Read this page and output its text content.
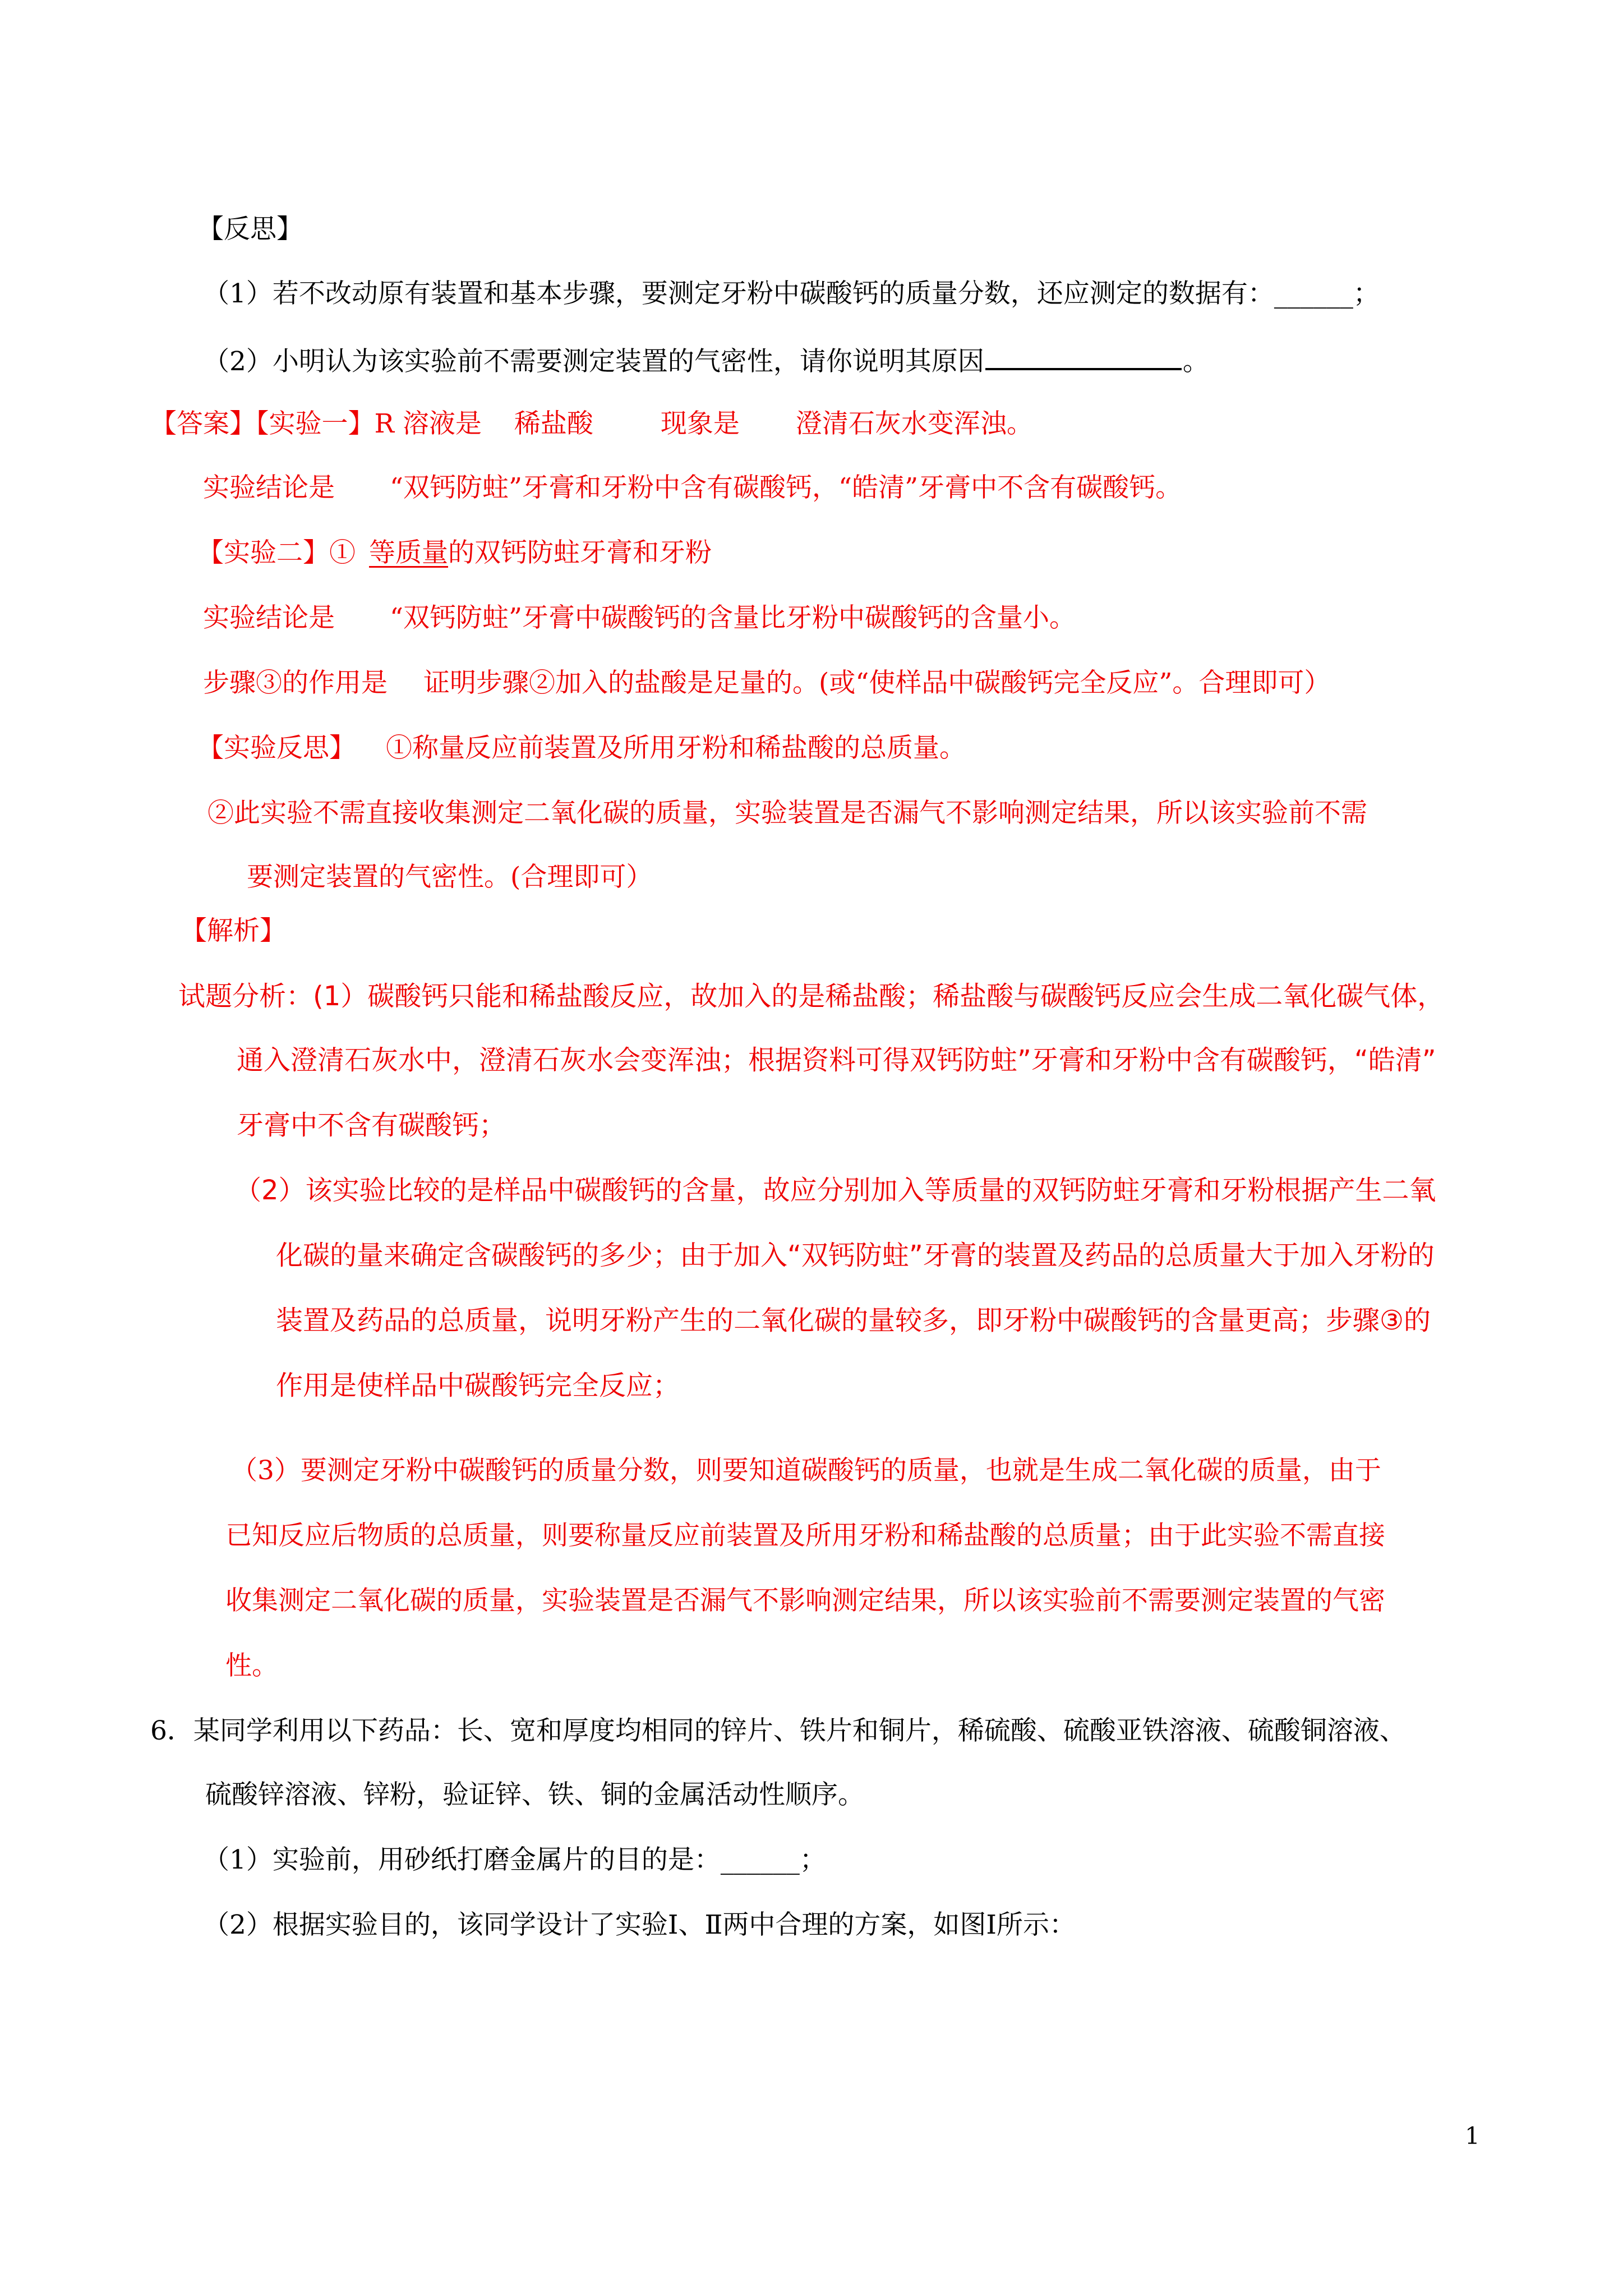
【反思】

（1）若不改动原有装置和基本步骤，要测定牙粉中碳酸钙的质量分数，还应测定的数据有：______；

（2）小明认为该实验前不需要测定装置的气密性，请你说明其原因	。

【答案】【实验一】R 溶液是 稀盐酸	现象是 澄清石灰水变浑浊。

实验结论是 “双钙防蛀”牙膏和牙粉中含有碳酸钙，“皓清”牙膏中不含有碳酸钙。

【实验二】① 等质量的双钙防蛀牙膏和牙粉

实验结论是 “双钙防蛀”牙膏中碳酸钙的含量比牙粉中碳酸钙的含量小。

步骤③的作用是 证明步骤②加入的盐酸是足量的。(或“使样品中碳酸钙完全反应”。合理即可）

【实验反思】 ①称量反应前装置及所用牙粉和稀盐酸的总质量。

②此实验不需直接收集测定二氧化碳的质量，实验装置是否漏气不影响测定结果，所以该实验前不需

要测定装置的气密性。(合理即可）

【解析】

试题分析：(1）碳酸钙只能和稀盐酸反应，故加入的是稀盐酸；稀盐酸与碳酸钙反应会生成二氧化碳气体，

通入澄清石灰水中，澄清石灰水会变浑浊；根据资料可得双钙防蛀”牙膏和牙粉中含有碳酸钙，“皓清”

牙膏中不含有碳酸钙；

（2）该实验比较的是样品中碳酸钙的含量，故应分别加入等质量的双钙防蛀牙膏和牙粉根据产生二氧

化碳的量来确定含碳酸钙的多少；由于加入“双钙防蛀”牙膏的装置及药品的总质量大于加入牙粉的

装置及药品的总质量，说明牙粉产生的二氧化碳的量较多，即牙粉中碳酸钙的含量更高；步骤③的

作用是使样品中碳酸钙完全反应；

（3）要测定牙粉中碳酸钙的质量分数，则要知道碳酸钙的质量，也就是生成二氧化碳的质量，由于

已知反应后物质的总质量，则要称量反应前装置及所用牙粉和稀盐酸的总质量；由于此实验不需直接

收集测定二氧化碳的质量，实验装置是否漏气不影响测定结果，所以该实验前不需要测定装置的气密

性。

6．某同学利用以下药品：长、宽和厚度均相同的锌片、铁片和铜片，稀硫酸、硫酸亚铁溶液、硫酸铜溶液、

硫酸锌溶液、锌粉，验证锌、铁、铜的金属活动性顺序。

（1）实验前，用砂纸打磨金属片的目的是：______；

（2）根据实验目的，该同学设计了实验Ⅰ、Ⅱ两中合理的方案，如图Ⅰ所示：

1
